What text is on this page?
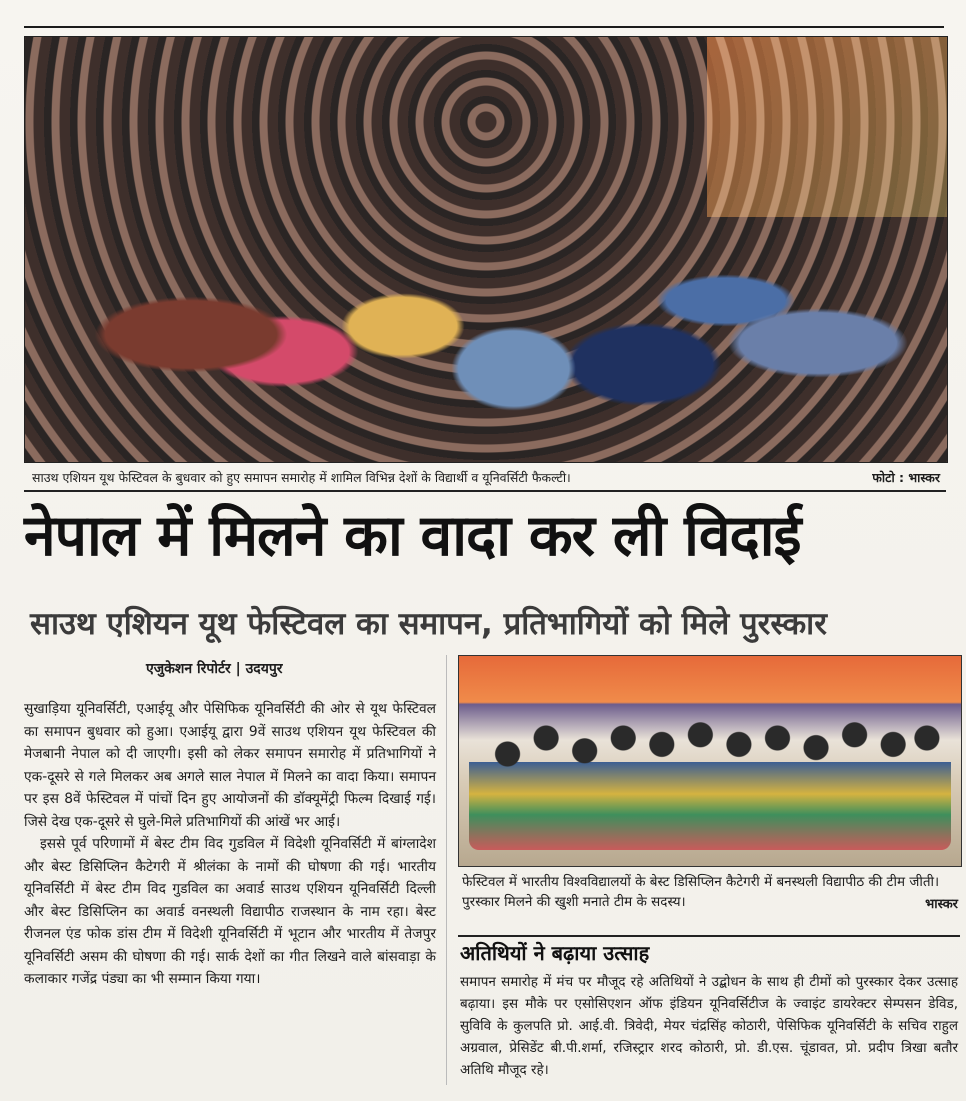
साउथ एशियन यूथ फेस्टिवल के बुधवार को हुए समापन समारोह में शामिल विभिन्न देशों के विद्यार्थी व यूनिवर्सिटी फैकल्टी।	फोटो : भास्कर
नेपाल में मिलने का वादा कर ली विदाई
साउथ एशियन यूथ फेस्टिवल का समापन, प्रतिभागियों को मिले पुरस्कार
एजुकेशन रिपोर्टर | उदयपुर

सुखाड़िया यूनिवर्सिटी, एआईयू और पेसिफिक यूनिवर्सिटी की ओर से यूथ फेस्टिवल का समापन बुधवार को हुआ। एआईयू द्वारा 9वें साउथ एशियन यूथ फेस्टिवल की मेजबानी नेपाल को दी जाएगी। इसी को लेकर समापन समारोह में प्रतिभागियों ने एक-दूसरे से गले मिलकर अब अगले साल नेपाल में मिलने का वादा किया। समापन पर इस 8वें फेस्टिवल में पांचों दिन हुए आयोजनों की डॉक्यूमेंट्री फिल्म दिखाई गई। जिसे देख एक-दूसरे से घुले-मिले प्रतिभागियों की आंखें भर आई।

इससे पूर्व परिणामों में बेस्ट टीम विद गुडविल में विदेशी यूनिवर्सिटी में बांग्लादेश और बेस्ट डिसिप्लिन कैटेगरी में श्रीलंका के नामों की घोषणा की गई। भारतीय यूनिवर्सिटी में बेस्ट टीम विद गुडविल का अवार्ड साउथ एशियन यूनिवर्सिटी दिल्ली और बेस्ट डिसिप्लिन का अवार्ड वनस्थली विद्यापीठ राजस्थान के नाम रहा। बेस्ट रीजनल एंड फोक डांस टीम में विदेशी यूनिवर्सिटी में भूटान और भारतीय में तेजपुर यूनिवर्सिटी असम की घोषणा की गई। सार्क देशों का गीत लिखने वाले बांसवाड़ा के कलाकार गजेंद्र पंड्या का भी सम्मान किया गया।

फेस्टिवल में भारतीय विश्वविद्यालयों के बेस्ट डिसिप्लिन कैटेगरी में बनस्थली विद्यापीठ की टीम जीती। पुरस्कार मिलने की खुशी मनाते टीम के सदस्य।	भास्कर
अतिथियों ने बढ़ाया उत्साह
समापन समारोह में मंच पर मौजूद रहे अतिथियों ने उद्बोधन के साथ ही टीमों को पुरस्कार देकर उत्साह बढ़ाया। इस मौके पर एसोसिएशन ऑफ इंडियन यूनिवर्सिटीज के ज्वाइंट डायरेक्टर सेम्पसन डेविड, सुविवि के कुलपति प्रो. आई.वी. त्रिवेदी, मेयर चंद्रसिंह कोठारी, पेसिफिक यूनिवर्सिटी के सचिव राहुल अग्रवाल, प्रेसिडेंट बी.पी.शर्मा, रजिस्ट्रार शरद कोठारी, प्रो. डी.एस. चूंडावत, प्रो. प्रदीप त्रिखा बतौर अतिथि मौजूद रहे।
